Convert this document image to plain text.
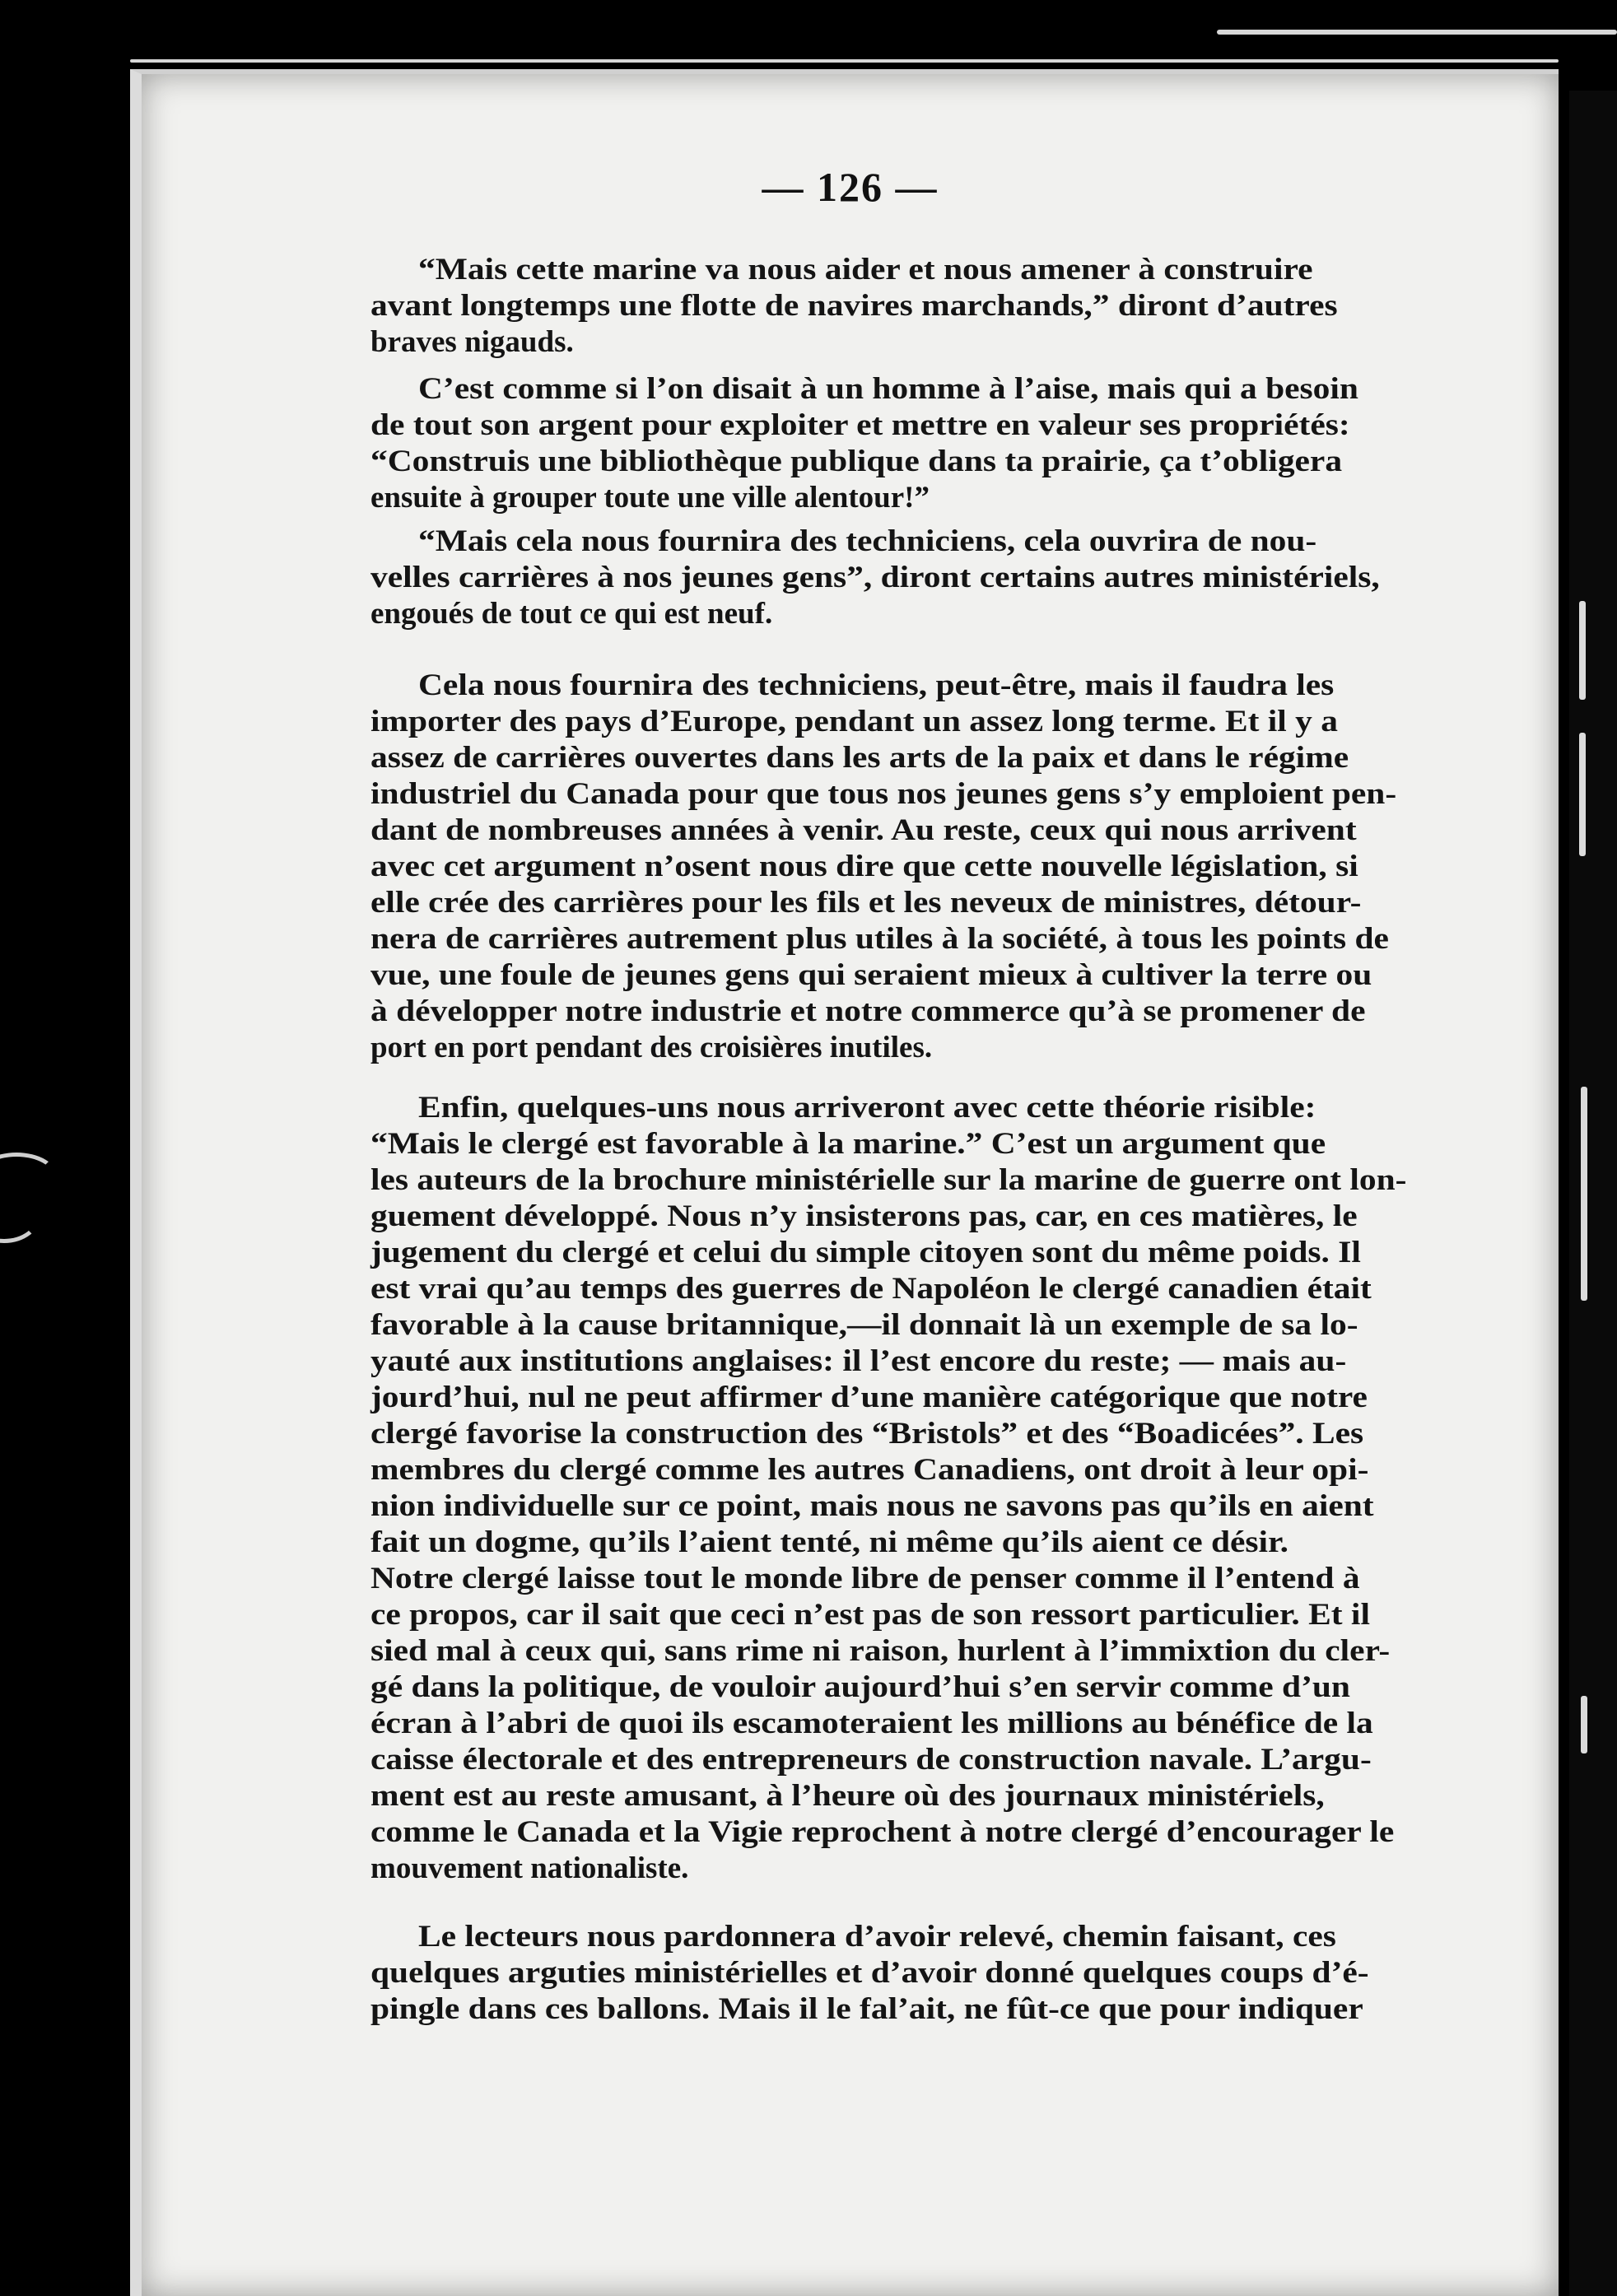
— 126 —
“Mais cette marine va nous aider et nous amener à construire
avant longtemps une flotte de navires marchands,” diront d’autres
braves nigauds.
C’est comme si l’on disait à un homme à l’aise, mais qui a besoin
de tout son argent pour exploiter et mettre en valeur ses propriétés:
“Construis une bibliothèque publique dans ta prairie, ça t’obligera
ensuite à grouper toute une ville alentour!”
“Mais cela nous fournira des techniciens, cela ouvrira de nou-
velles carrières à nos jeunes gens”, diront certains autres ministériels,
engoués de tout ce qui est neuf.
Cela nous fournira des techniciens, peut-être, mais il faudra les
importer des pays d’Europe, pendant un assez long terme. Et il y a
assez de carrières ouvertes dans les arts de la paix et dans le régime
industriel du Canada pour que tous nos jeunes gens s’y emploient pen-
dant de nombreuses années à venir. Au reste, ceux qui nous arrivent
avec cet argument n’osent nous dire que cette nouvelle législation, si
elle crée des carrières pour les fils et les neveux de ministres, détour-
nera de carrières autrement plus utiles à la société, à tous les points de
vue, une foule de jeunes gens qui seraient mieux à cultiver la terre ou
à développer notre industrie et notre commerce qu’à se promener de
port en port pendant des croisières inutiles.
Enfin, quelques-uns nous arriveront avec cette théorie risible:
“Mais le clergé est favorable à la marine.” C’est un argument que
les auteurs de la brochure ministérielle sur la marine de guerre ont lon-
guement développé. Nous n’y insisterons pas, car, en ces matières, le
jugement du clergé et celui du simple citoyen sont du même poids. Il
est vrai qu’au temps des guerres de Napoléon le clergé canadien était
favorable à la cause britannique,—il donnait là un exemple de sa lo-
yauté aux institutions anglaises: il l’est encore du reste; — mais au-
jourd’hui, nul ne peut affirmer d’une manière catégorique que notre
clergé favorise la construction des “Bristols” et des “Boadicées”. Les
membres du clergé comme les autres Canadiens, ont droit à leur opi-
nion individuelle sur ce point, mais nous ne savons pas qu’ils en aient
fait un dogme, qu’ils l’aient tenté, ni même qu’ils aient ce désir.
Notre clergé laisse tout le monde libre de penser comme il l’entend à
ce propos, car il sait que ceci n’est pas de son ressort particulier. Et il
sied mal à ceux qui, sans rime ni raison, hurlent à l’immixtion du cler-
gé dans la politique, de vouloir aujourd’hui s’en servir comme d’un
écran à l’abri de quoi ils escamoteraient les millions au bénéfice de la
caisse électorale et des entrepreneurs de construction navale. L’argu-
ment est au reste amusant, à l’heure où des journaux ministériels,
comme le Canada et la Vigie reprochent à notre clergé d’encourager le
mouvement nationaliste.
Le lecteurs nous pardonnera d’avoir relevé, chemin faisant, ces
quelques arguties ministérielles et d’avoir donné quelques coups d’é-
pingle dans ces ballons. Mais il le fal’ait, ne fût-ce que pour indiquer
